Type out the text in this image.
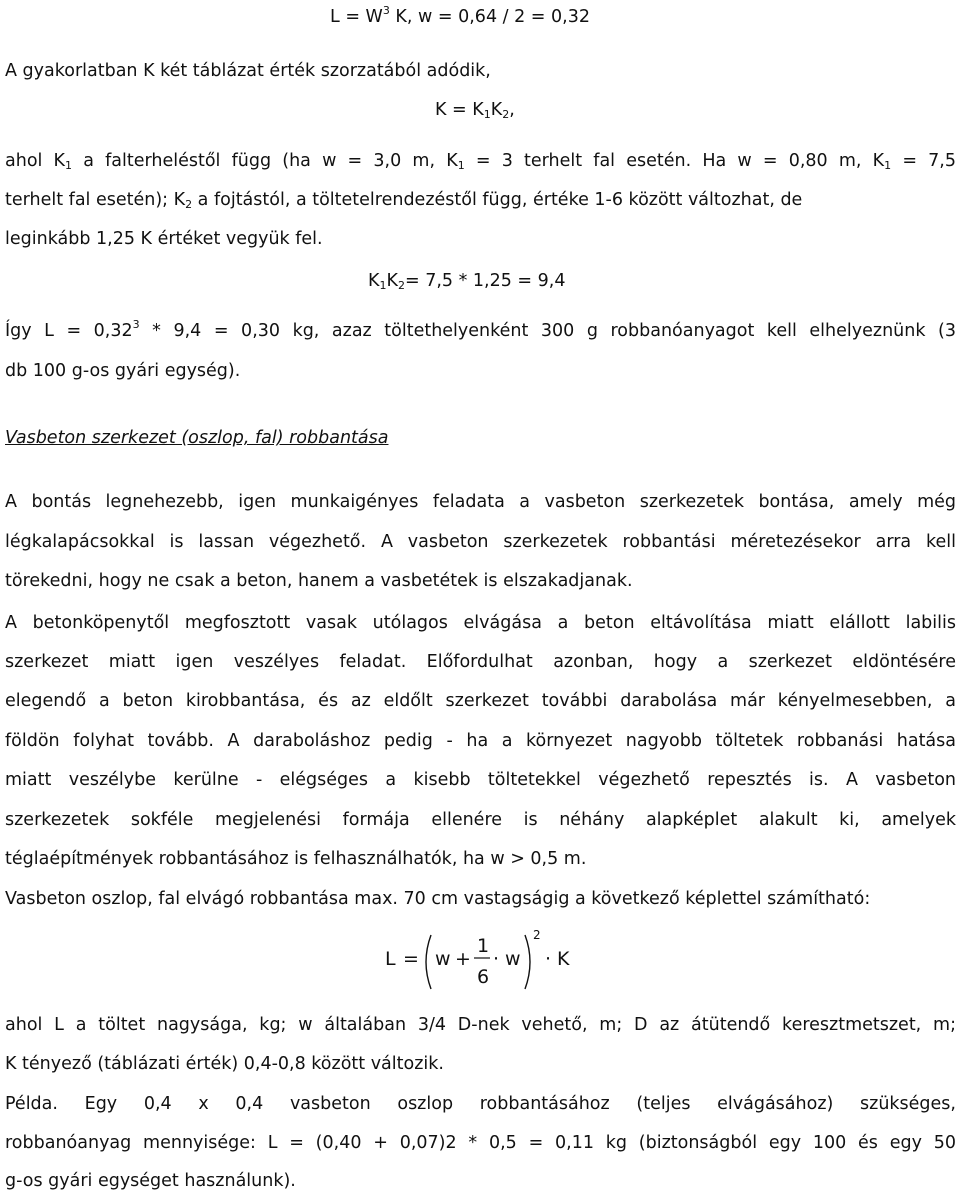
$L = W^3$ K, w = 0,64 / 2 = 0,32
A gyakorlatban K két táblázat érték szorzatából adódik,
$K = K_1K_2$,
ahol $K_1$ a falterheléstől függ (ha w = 3,0 m, $K_1 = 3$ terhelt fal esetén. Ha w = 0,80 m, $K_1 = 7,5$
terhelt fal esetén); $K_2$ a fojtástól, a töltetelrendezéstől függ, értéke 1-6 között változhat, de
leginkább 1,25 K értéket vegyük fel.
$K_1K_2= 7,5 * 1,25 = 9,4$
Így $L = 0,32^3 * 9,4 = 0,30$ kg, azaz töltethelyenként 300 g robbanóanyagot kell elhelyeznünk (3
db 100 g-os gyári egység).
Vasbeton szerkezet (oszlop, fal) robbantása
A bontás legnehezebb, igen munkaigényes feladata a vasbeton szerkezetek bontása, amely még
légkalapácsokkal is lassan végezhető. A vasbeton szerkezetek robbantási méretezésekor arra kell
törekedni, hogy ne csak a beton, hanem a vasbetétek is elszakadjanak.
A betonköpenytől megfosztott vasak utólagos elvágása a beton eltávolítása miatt elállott labilis
szerkezet miatt igen veszélyes feladat. Előfordulhat azonban, hogy a szerkezet eldöntésére
elegendő a beton kirobbantása, és az eldőlt szerkezet további darabolása már kényelmesebben, a
földön folyhat tovább. A daraboláshoz pedig - ha a környezet nagyobb töltetek robbanási hatása
miatt veszélybe kerülne - elégséges a kisebb töltetekkel végezhető repesztés is. A vasbeton
szerkezetek sokféle megjelenési formája ellenére is néhány alapképlet alakult ki, amelyek
téglaépítmények robbantásához is felhasználhatók, ha w > 0,5 m.
Vasbeton oszlop, fal elvágó robbantása max. 70 cm vastagságig a következő képlettel számítható:
L = w +
1
6
· w
2
· K
ahol L a töltet nagysága, kg; w általában 3/4 D-nek vehető, m; D az átütendő keresztmetszet, m;
K tényező (táblázati érték) 0,4-0,8 között változik.
Példa. Egy 0,4 x 0,4 vasbeton oszlop robbantásához (teljes elvágásához) szükséges,
robbanóanyag mennyisége: L = (0,40 + 0,07)2 * 0,5 = 0,11 kg (biztonságból egy 100 és egy 50
g-os gyári egységet használunk).
